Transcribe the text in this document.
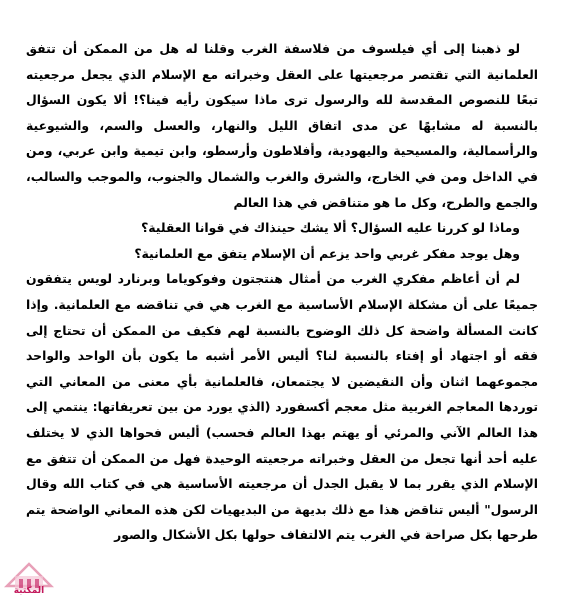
لو ذهبنا إلى أي فيلسوف من فلاسفة الغرب وقلنا له هل من الممكن أن تتفق العلمانية التي تقتصر مرجعيتها على العقل وخبراته مع الإسلام الذي يجعل مرجعيته تبعًا للنصوص المقدسة لله والرسول ترى ماذا سيكون رأيه فينا؟! ألا يكون السؤال بالنسبة له مشابهًا عن مدى اتفاق الليل والنهار، والعسل والسم، والشيوعية والرأسمالية، والمسيحية واليهودية، وأفلاطون وأرسطو، وابن تيمية وابن عربي، ومن في الداخل ومن في الخارج، والشرق والغرب والشمال والجنوب، والموجب والسالب، والجمع والطرح، وكل ما هو متناقض في هذا العالم

وماذا لو كررنا عليه السؤال؟ ألا يشك حينذاك في قوانا العقلية؟

وهل يوجد مفكر غربي واحد يزعم أن الإسلام يتفق مع العلمانية؟

لم أن أعاظم مفكري الغرب من أمثال هنتجتون وفوكوياما وبرنارد لويس يتفقون جميعًا على أن مشكلة الإسلام الأساسية مع الغرب هي في تناقضه مع العلمانية. وإذا كانت المسألة واضحة كل ذلك الوضوح بالنسبة لهم فكيف من الممكن أن تحتاج إلى فقه أو اجتهاد أو إفتاء بالنسبة لنا؟ أليس الأمر أشبه ما يكون بأن الواحد والواحد مجموعهما اثنان وأن النقيضين لا يجتمعان، فالعلمانية بأي معنى من المعاني التي توردها المعاجم الغربية مثل معجم أكسفورد (الذي يورد من بين تعريفاتها: ينتمي إلى هذا العالم الآني والمرئي أو يهتم بهذا العالم فحسب) أليس فحواها الذي لا يختلف عليه أحد أنها تجعل من العقل وخبراته مرجعيته الوحيدة فهل من الممكن أن تتفق مع الإسلام الذي يقرر بما لا يقبل الجدل أن مرجعيته الأساسية هي في كتاب الله وقال الرسول" أليس تناقض هذا مع ذلك بديهة من البديهيات لكن هذه المعاني الواضحة يتم طرحها بكل صراحة في الغرب يتم الالتفاف حولها بكل الأشكال والصور

المكتبة
